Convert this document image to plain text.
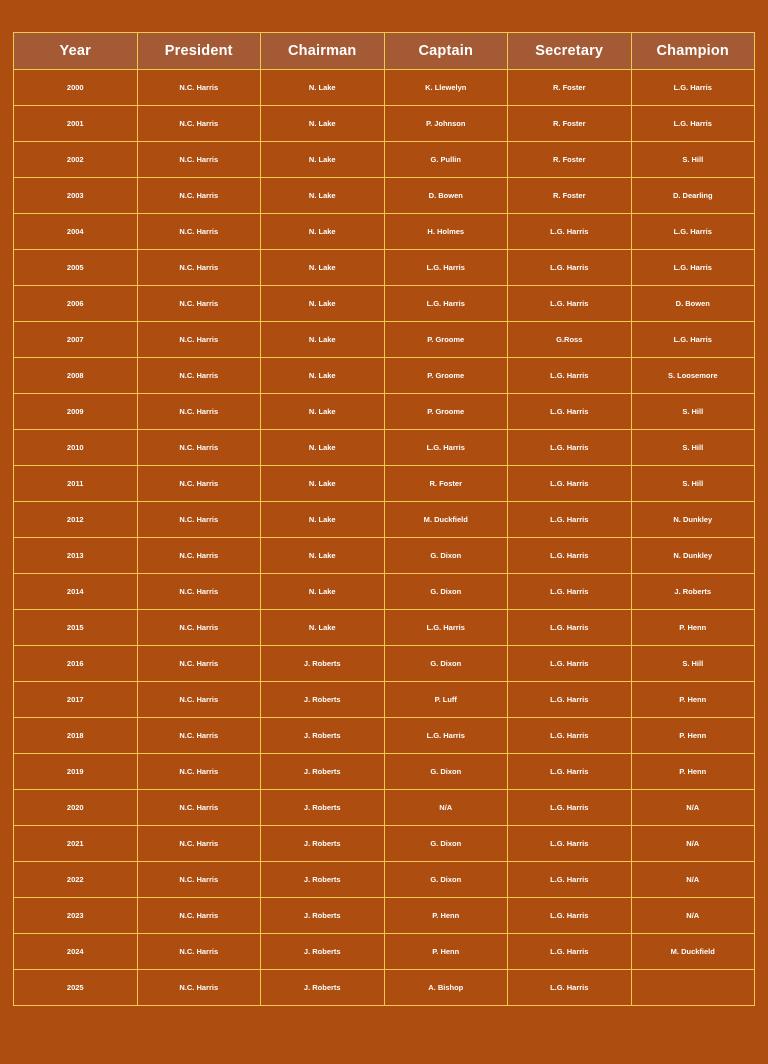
Year	President	Chairman	Captain	Secretary	Champion
2000	N.C. Harris	N. Lake	K. Llewelyn	R. Foster	L.G. Harris
2001	N.C. Harris	N. Lake	P. Johnson	R. Foster	L.G. Harris
2002	N.C. Harris	N. Lake	G. Pullin	R. Foster	S. Hill
2003	N.C. Harris	N. Lake	D. Bowen	R. Foster	D. Dearling
2004	N.C. Harris	N. Lake	H. Holmes	L.G. Harris	L.G. Harris
2005	N.C. Harris	N. Lake	L.G. Harris	L.G. Harris	L.G. Harris
2006	N.C. Harris	N. Lake	L.G. Harris	L.G. Harris	D. Bowen
2007	N.C. Harris	N. Lake	P. Groome	G.Ross	L.G. Harris
2008	N.C. Harris	N. Lake	P. Groome	L.G. Harris	S. Loosemore
2009	N.C. Harris	N. Lake	P. Groome	L.G. Harris	S. Hill
2010	N.C. Harris	N. Lake	L.G. Harris	L.G. Harris	S. Hill
2011	N.C. Harris	N. Lake	R. Foster	L.G. Harris	S. Hill
2012	N.C. Harris	N. Lake	M. Duckfield	L.G. Harris	N. Dunkley
2013	N.C. Harris	N. Lake	G. Dixon	L.G. Harris	N. Dunkley
2014	N.C. Harris	N. Lake	G. Dixon	L.G. Harris	J. Roberts
2015	N.C. Harris	N. Lake	L.G. Harris	L.G. Harris	P. Henn
2016	N.C. Harris	J. Roberts	G. Dixon	L.G. Harris	S. Hill
2017	N.C. Harris	J. Roberts	P. Luff	L.G. Harris	P. Henn
2018	N.C. Harris	J. Roberts	L.G. Harris	L.G. Harris	P. Henn
2019	N.C. Harris	J. Roberts	G. Dixon	L.G. Harris	P. Henn
2020	N.C. Harris	J. Roberts	N/A	L.G. Harris	N/A
2021	N.C. Harris	J. Roberts	G. Dixon	L.G. Harris	N/A
2022	N.C. Harris	J. Roberts	G. Dixon	L.G. Harris	N/A
2023	N.C. Harris	J. Roberts	P. Henn	L.G. Harris	N/A
2024	N.C. Harris	J. Roberts	P. Henn	L.G. Harris	M. Duckfield
2025	N.C. Harris	J. Roberts	A. Bishop	L.G. Harris	
